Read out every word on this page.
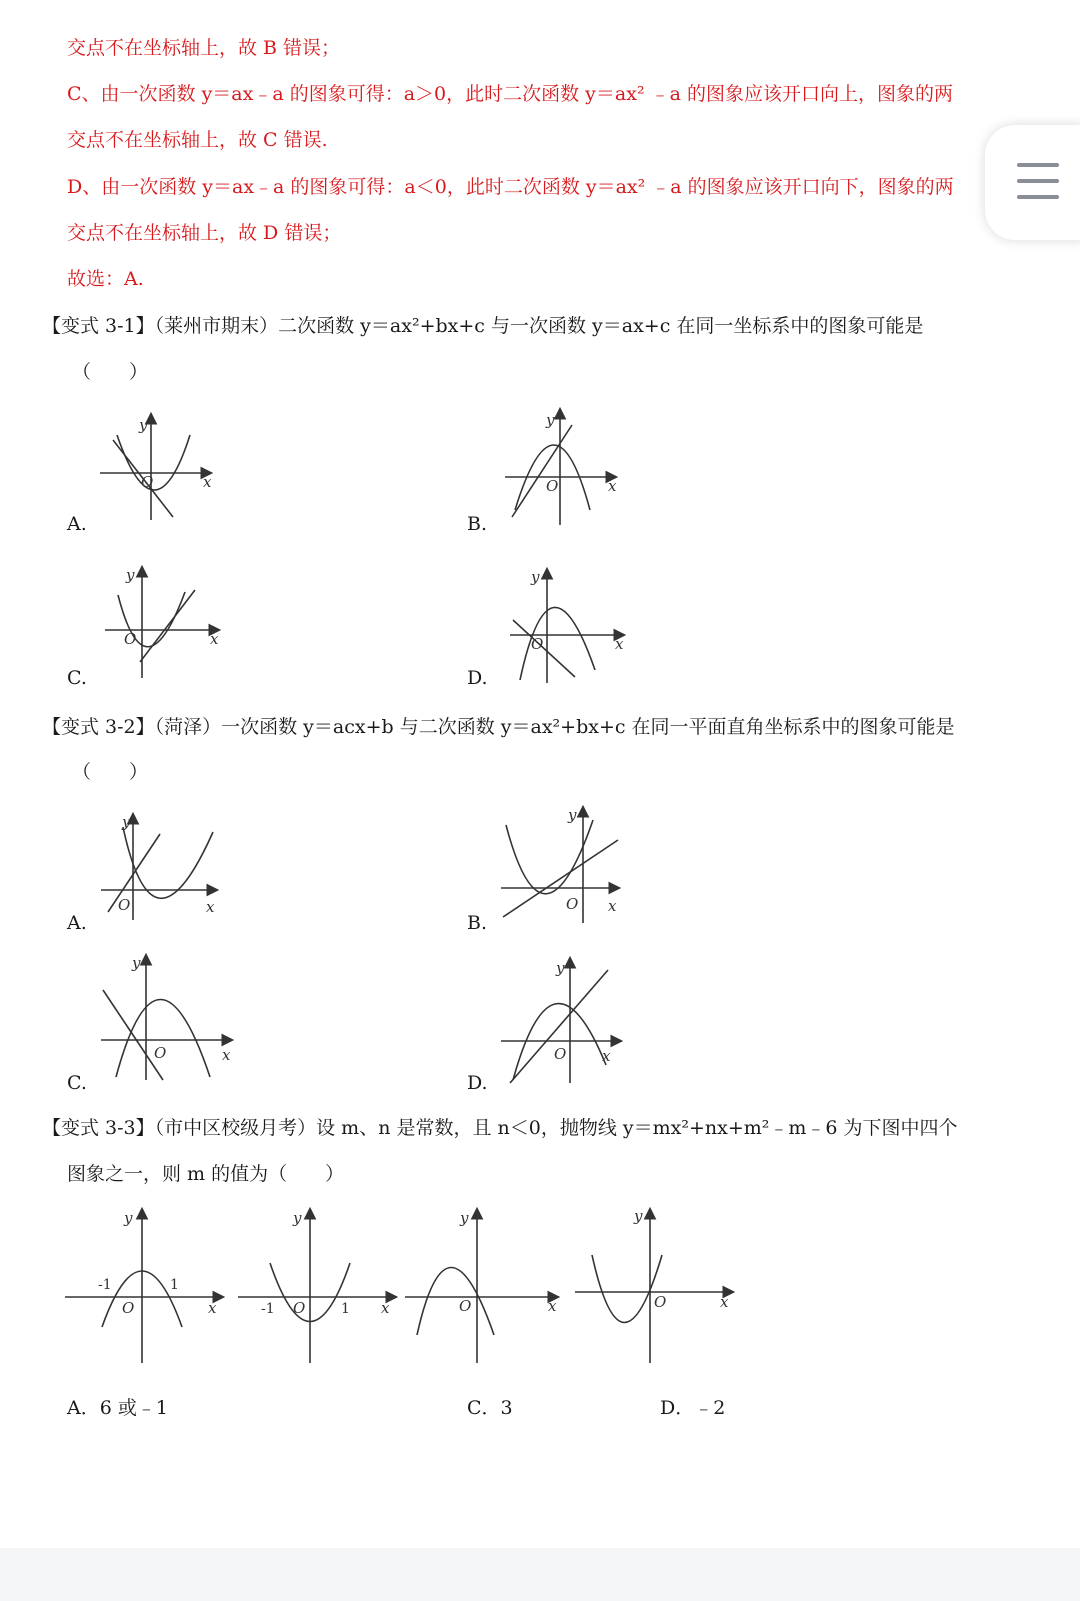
交点不在坐标轴上，故 B 错误；
C、由一次函数 y＝ax﹣a 的图象可得：a＞0，此时二次函数 y＝ax² ﹣a 的图象应该开口向上，图象的两
交点不在坐标轴上，故 C 错误.
D、由一次函数 y＝ax﹣a 的图象可得：a＜0，此时二次函数 y＝ax² ﹣a 的图象应该开口向下，图象的两
交点不在坐标轴上，故 D 错误；
故选：A.
【变式 3-1】（莱州市期末）二次函数 y＝ax²+bx+c 与一次函数 y＝ax+c 在同一坐标系中的图象可能是
（　　）
y
x
O
A.
y
x
O
B.
y
x
O
C.
y
x
O
D.
【变式 3-2】（菏泽）一次函数 y＝acx+b 与二次函数 y＝ax²+bx+c 在同一平面直角坐标系中的图象可能是
（　　）
y
x
O
A.
y
x
O
B.
y
x
O
C.
y
x
O
D.
【变式 3-3】（市中区校级月考）设 m、n 是常数，且 n＜0，抛物线 y＝mx²+nx+m²﹣m﹣6 为下图中四个
图象之一，则 m 的值为（　　）
y
x
O
-1	1
y
x
O
-1	1
y
x
O
y
x
O
A．6 或﹣1	C．3	D．﹣2
